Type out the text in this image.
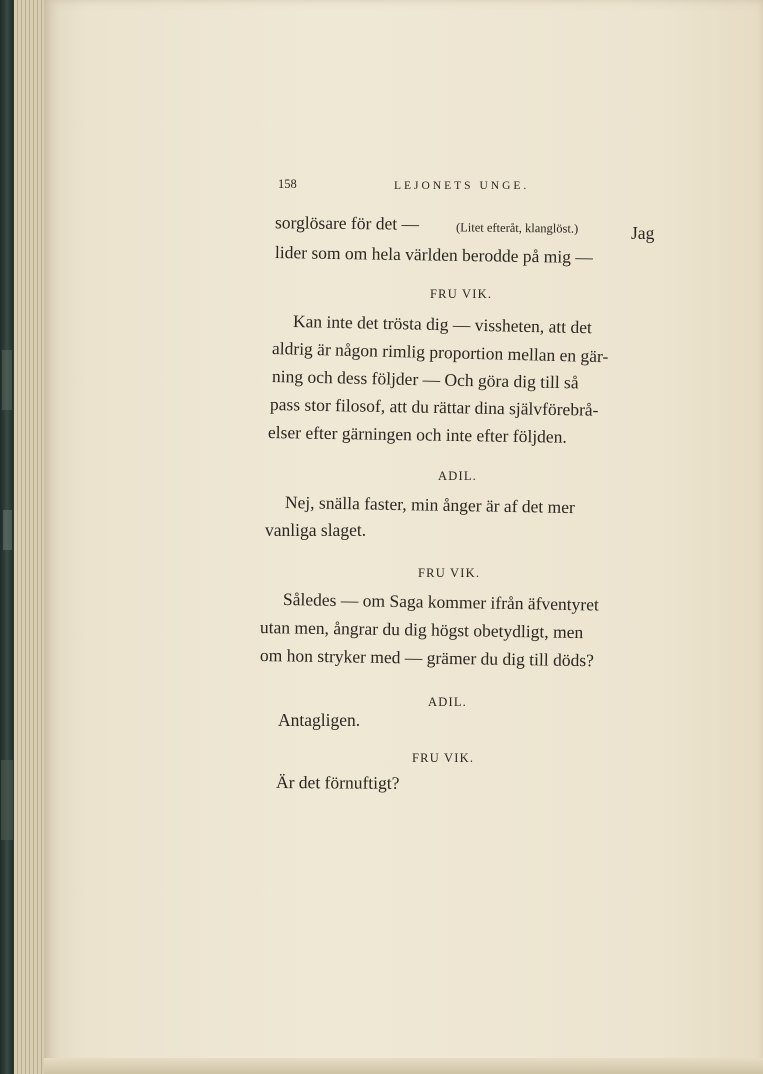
158	LEJONETS UNGE.
sorglösare för det —	(Litet efteråt, klanglöst.)	Jag
lider som om hela världen berodde på mig —
FRU VIK.
Kan inte det trösta dig — vissheten, att det
aldrig är någon rimlig proportion mellan en gär-
ning och dess följder — Och göra dig till så
pass stor filosof, att du rättar dina självförebrå-
elser efter gärningen och inte efter följden.
ADIL.
Nej, snälla faster, min ånger är af det mer
vanliga slaget.
FRU VIK.
Således — om Saga kommer ifrån äfventyret
utan men, ångrar du dig högst obetydligt, men
om hon stryker med — grämer du dig till döds?
ADIL.
Antagligen.
FRU VIK.
Är det förnuftigt?
